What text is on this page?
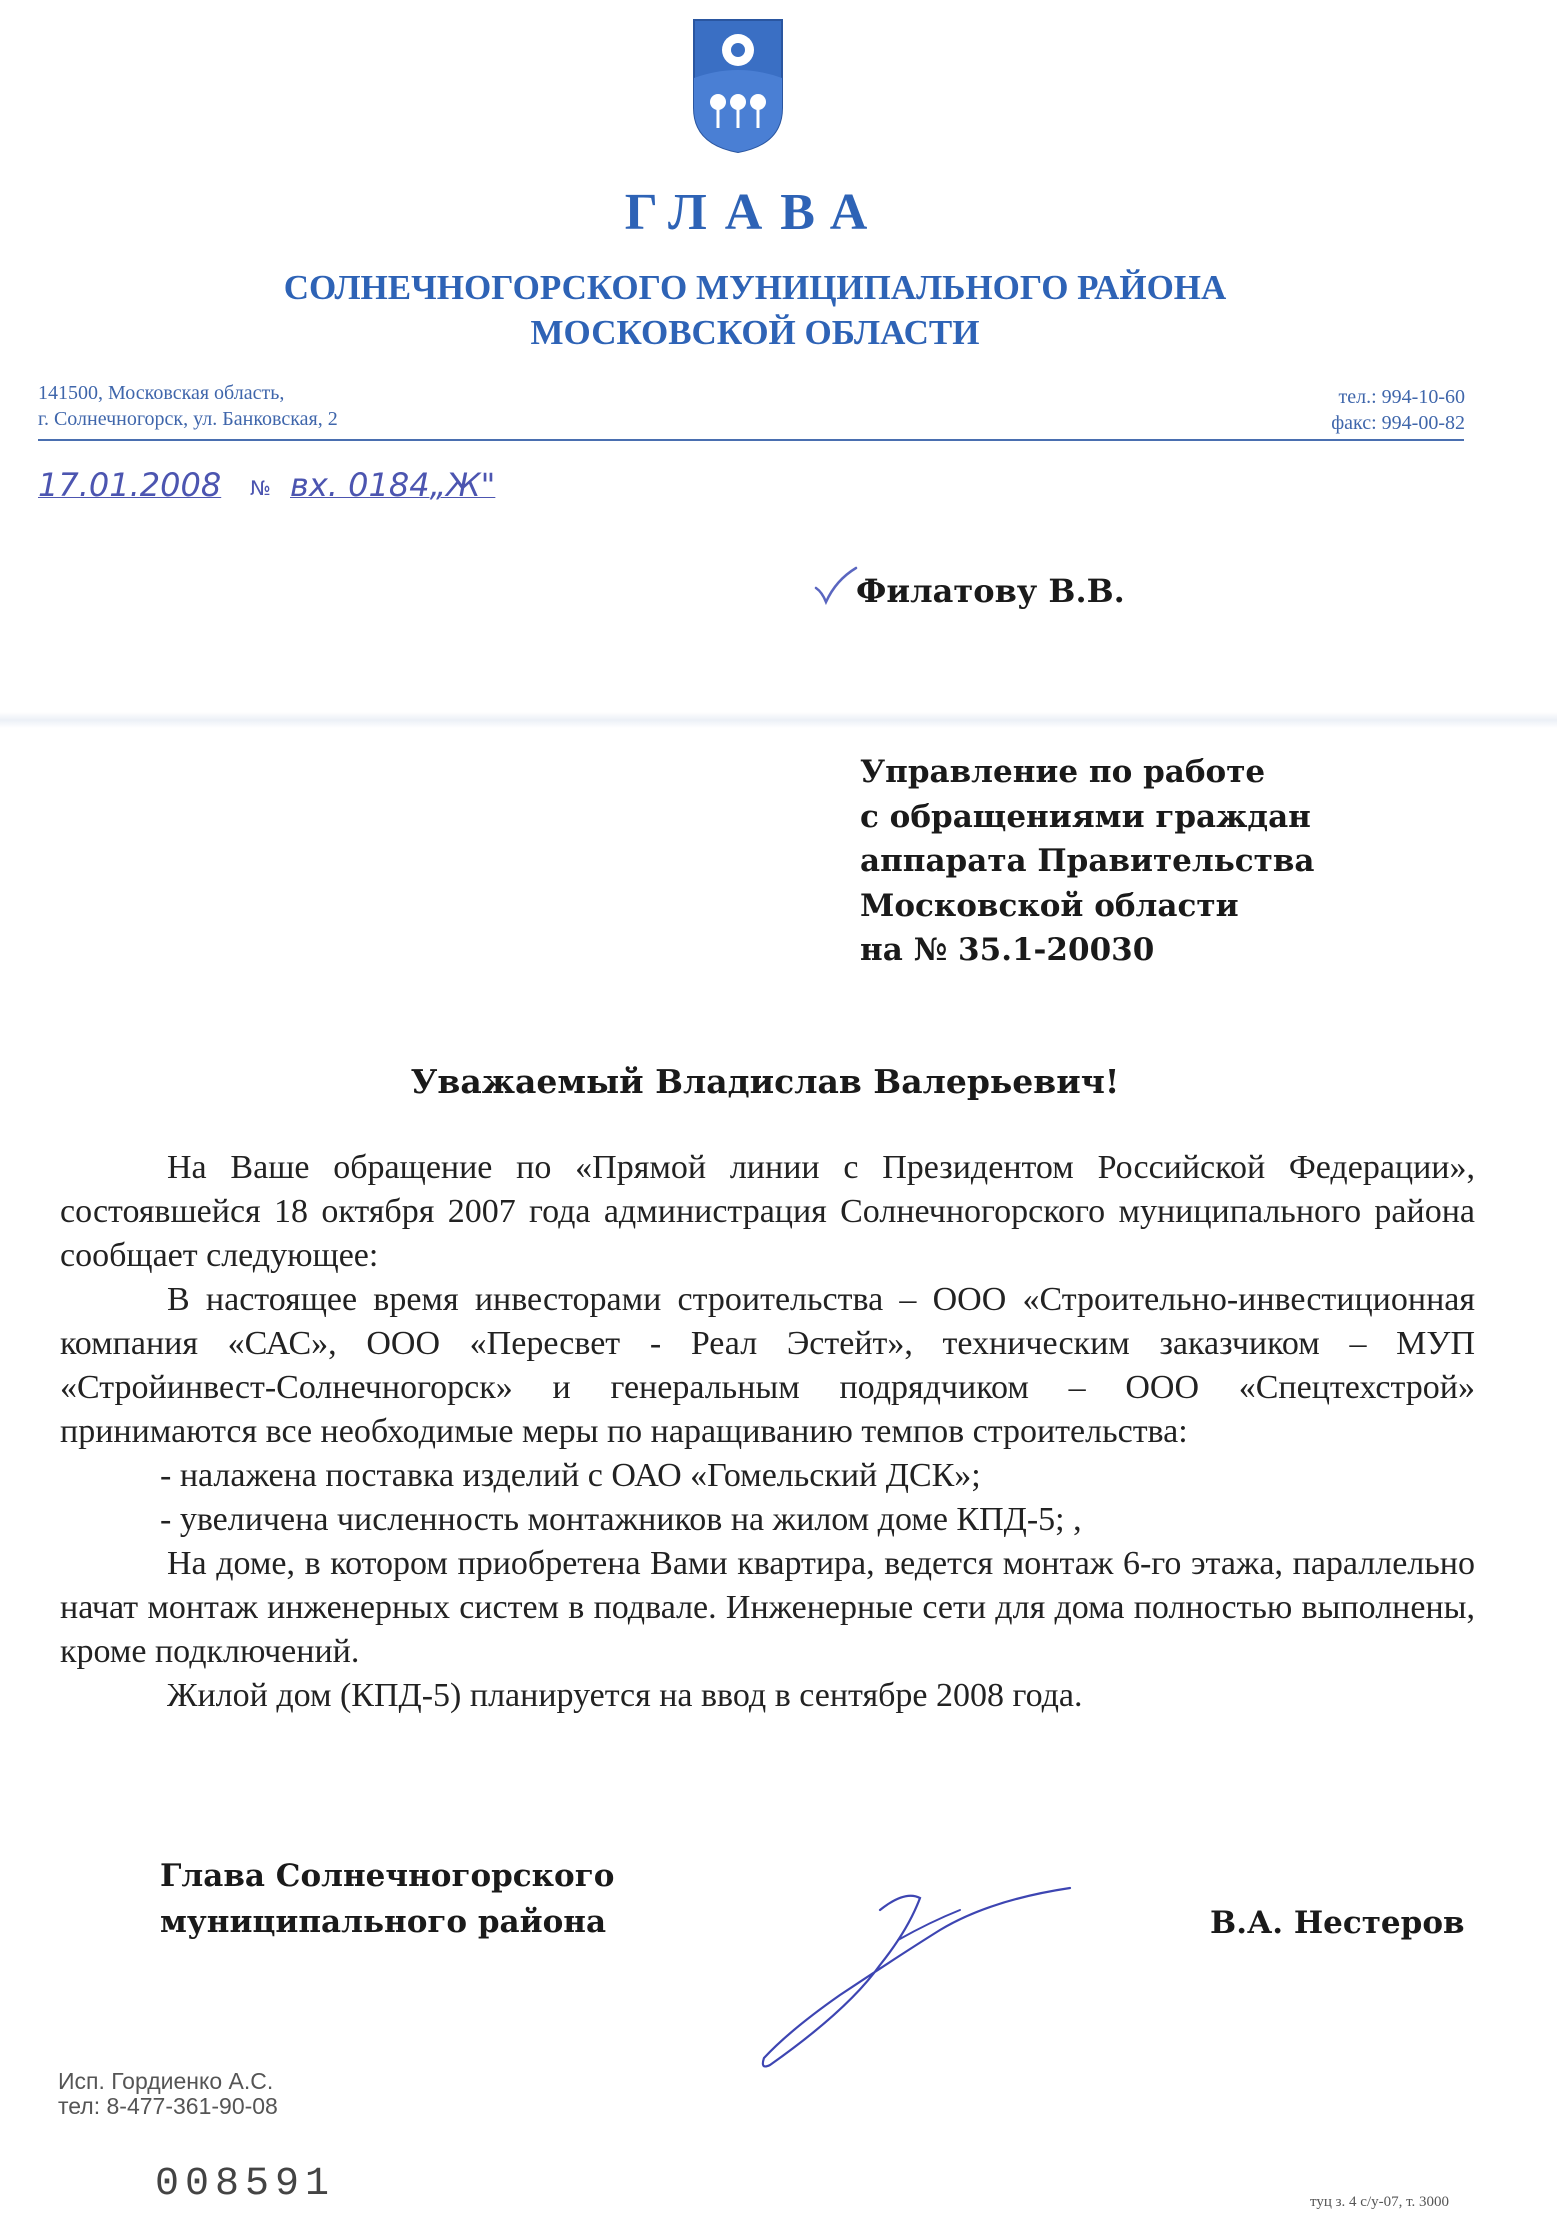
ГЛАВА
СОЛНЕЧНОГОРСКОГО МУНИЦИПАЛЬНОГО РАЙОНА
МОСКОВСКОЙ ОБЛАСТИ
141500, Московская область,
г. Солнечногорск, ул. Банковская, 2
тел.: 994-10-60
факс: 994-00-82
17.01.2008 № вх. 0184„Ж"
Филатову В.В.
Управление по работе
с обращениями граждан
аппарата Правительства
Московской области
на № 35.1-20030
Уважаемый Владислав Валерьевич!

На Ваше обращение по «Прямой линии с Президентом Российской Федерации», состоявшейся 18 октября 2007 года администрация Солнечногорского муниципального района сообщает следующее:

В настоящее время инвесторами строительства – ООО «Строительно-инвестиционная компания «САС», ООО «Пересвет - Реал Эстейт», техническим заказчиком – МУП «Стройинвест-Солнечногорск» и генеральным подрядчиком – ООО «Спецтехстрой» принимаются все необходимые меры по наращиванию темпов строительства:

- налажена поставка изделий с ОАО «Гомельский ДСК»;

- увеличена численность монтажников на жилом доме КПД-5; ,

На доме, в котором приобретена Вами квартира, ведется монтаж 6-го этажа, параллельно начат монтаж инженерных систем в подвале. Инженерные сети для дома полностью выполнены, кроме подключений.

Жилой дом (КПД-5) планируется на ввод в сентябре 2008 года.

Глава Солнечногорского
муниципального района	В.А. Нестеров
Исп. Гордиенко А.С.
тел: 8-477-361-90-08
008591	туц з. 4 с/у-07, т. 3000
